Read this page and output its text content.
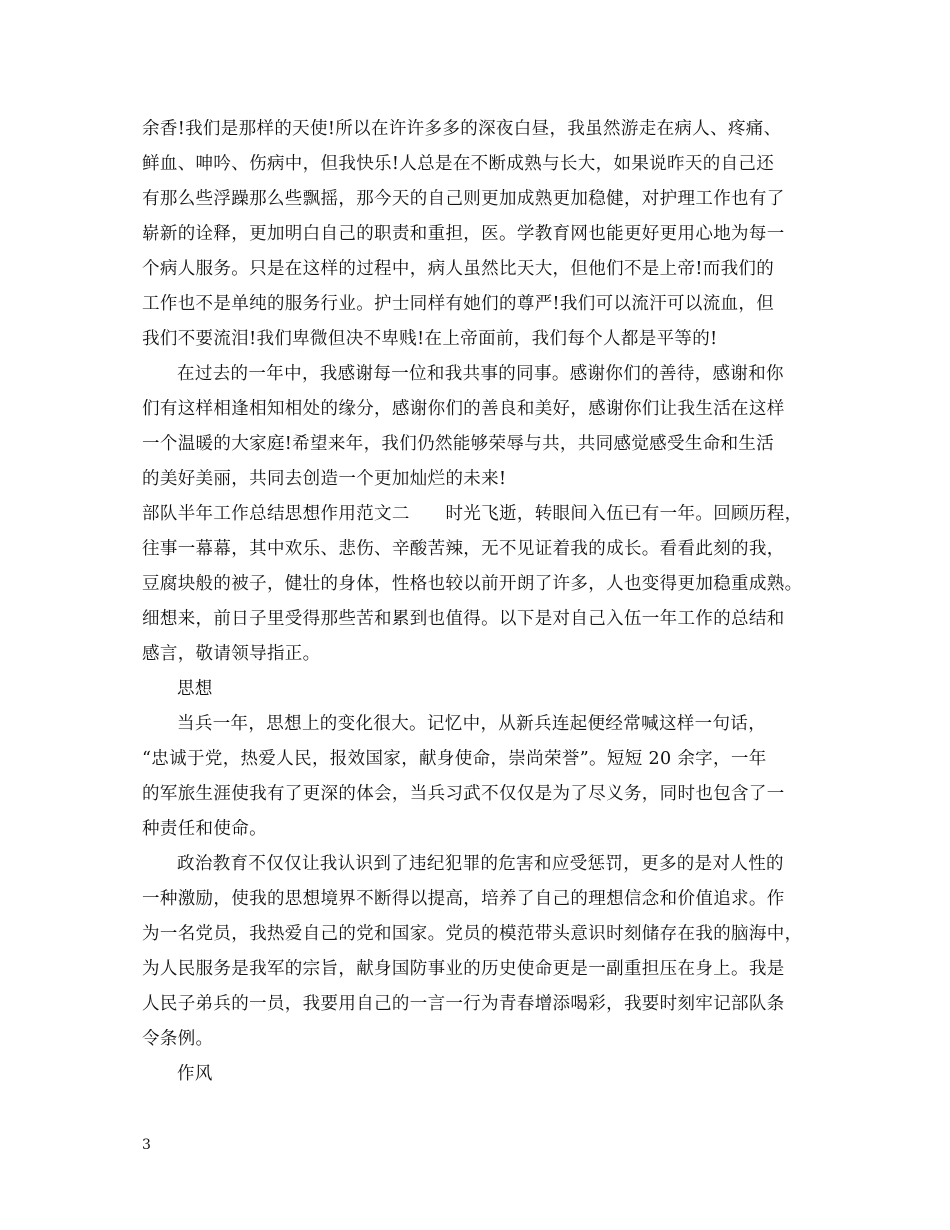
余香!我们是那样的天使!所以在许许多多的深夜白昼，我虽然游走在病人、疼痛、
鲜血、呻吟、伤病中，但我快乐!人总是在不断成熟与长大，如果说昨天的自己还
有那么些浮躁那么些飘摇，那今天的自己则更加成熟更加稳健，对护理工作也有了
崭新的诠释，更加明白自己的职责和重担，医。学教育网也能更好更用心地为每一
个病人服务。只是在这样的过程中，病人虽然比天大，但他们不是上帝!而我们的
工作也不是单纯的服务行业。护士同样有她们的尊严!我们可以流汗可以流血，但
我们不要流泪!我们卑微但决不卑贱!在上帝面前，我们每个人都是平等的!
在过去的一年中，我感谢每一位和我共事的同事。感谢你们的善待，感谢和你
们有这样相逢相知相处的缘分，感谢你们的善良和美好，感谢你们让我生活在这样
一个温暖的大家庭!希望来年，我们仍然能够荣辱与共，共同感觉感受生命和生活
的美好美丽，共同去创造一个更加灿烂的未来!
部队半年工作总结思想作用范文二　　时光飞逝，转眼间入伍已有一年。回顾历程，
往事一幕幕，其中欢乐、悲伤、辛酸苦辣，无不见证着我的成长。看看此刻的我，
豆腐块般的被子，健壮的身体，性格也较以前开朗了许多，人也变得更加稳重成熟。
细想来，前日子里受得那些苦和累到也值得。以下是对自己入伍一年工作的总结和
感言，敬请领导指正。
思想
当兵一年，思想上的变化很大。记忆中，从新兵连起便经常喊这样一句话，
“忠诚于党，热爱人民，报效国家，献身使命，崇尚荣誉”。短短 20 余字，一年
的军旅生涯使我有了更深的体会，当兵习武不仅仅是为了尽义务，同时也包含了一
种责任和使命。
政治教育不仅仅让我认识到了违纪犯罪的危害和应受惩罚，更多的是对人性的
一种激励，使我的思想境界不断得以提高，培养了自己的理想信念和价值追求。作
为一名党员，我热爱自己的党和国家。党员的模范带头意识时刻储存在我的脑海中，
为人民服务是我军的宗旨，献身国防事业的历史使命更是一副重担压在身上。我是
人民子弟兵的一员，我要用自己的一言一行为青春增添喝彩，我要时刻牢记部队条
令条例。
作风
3
